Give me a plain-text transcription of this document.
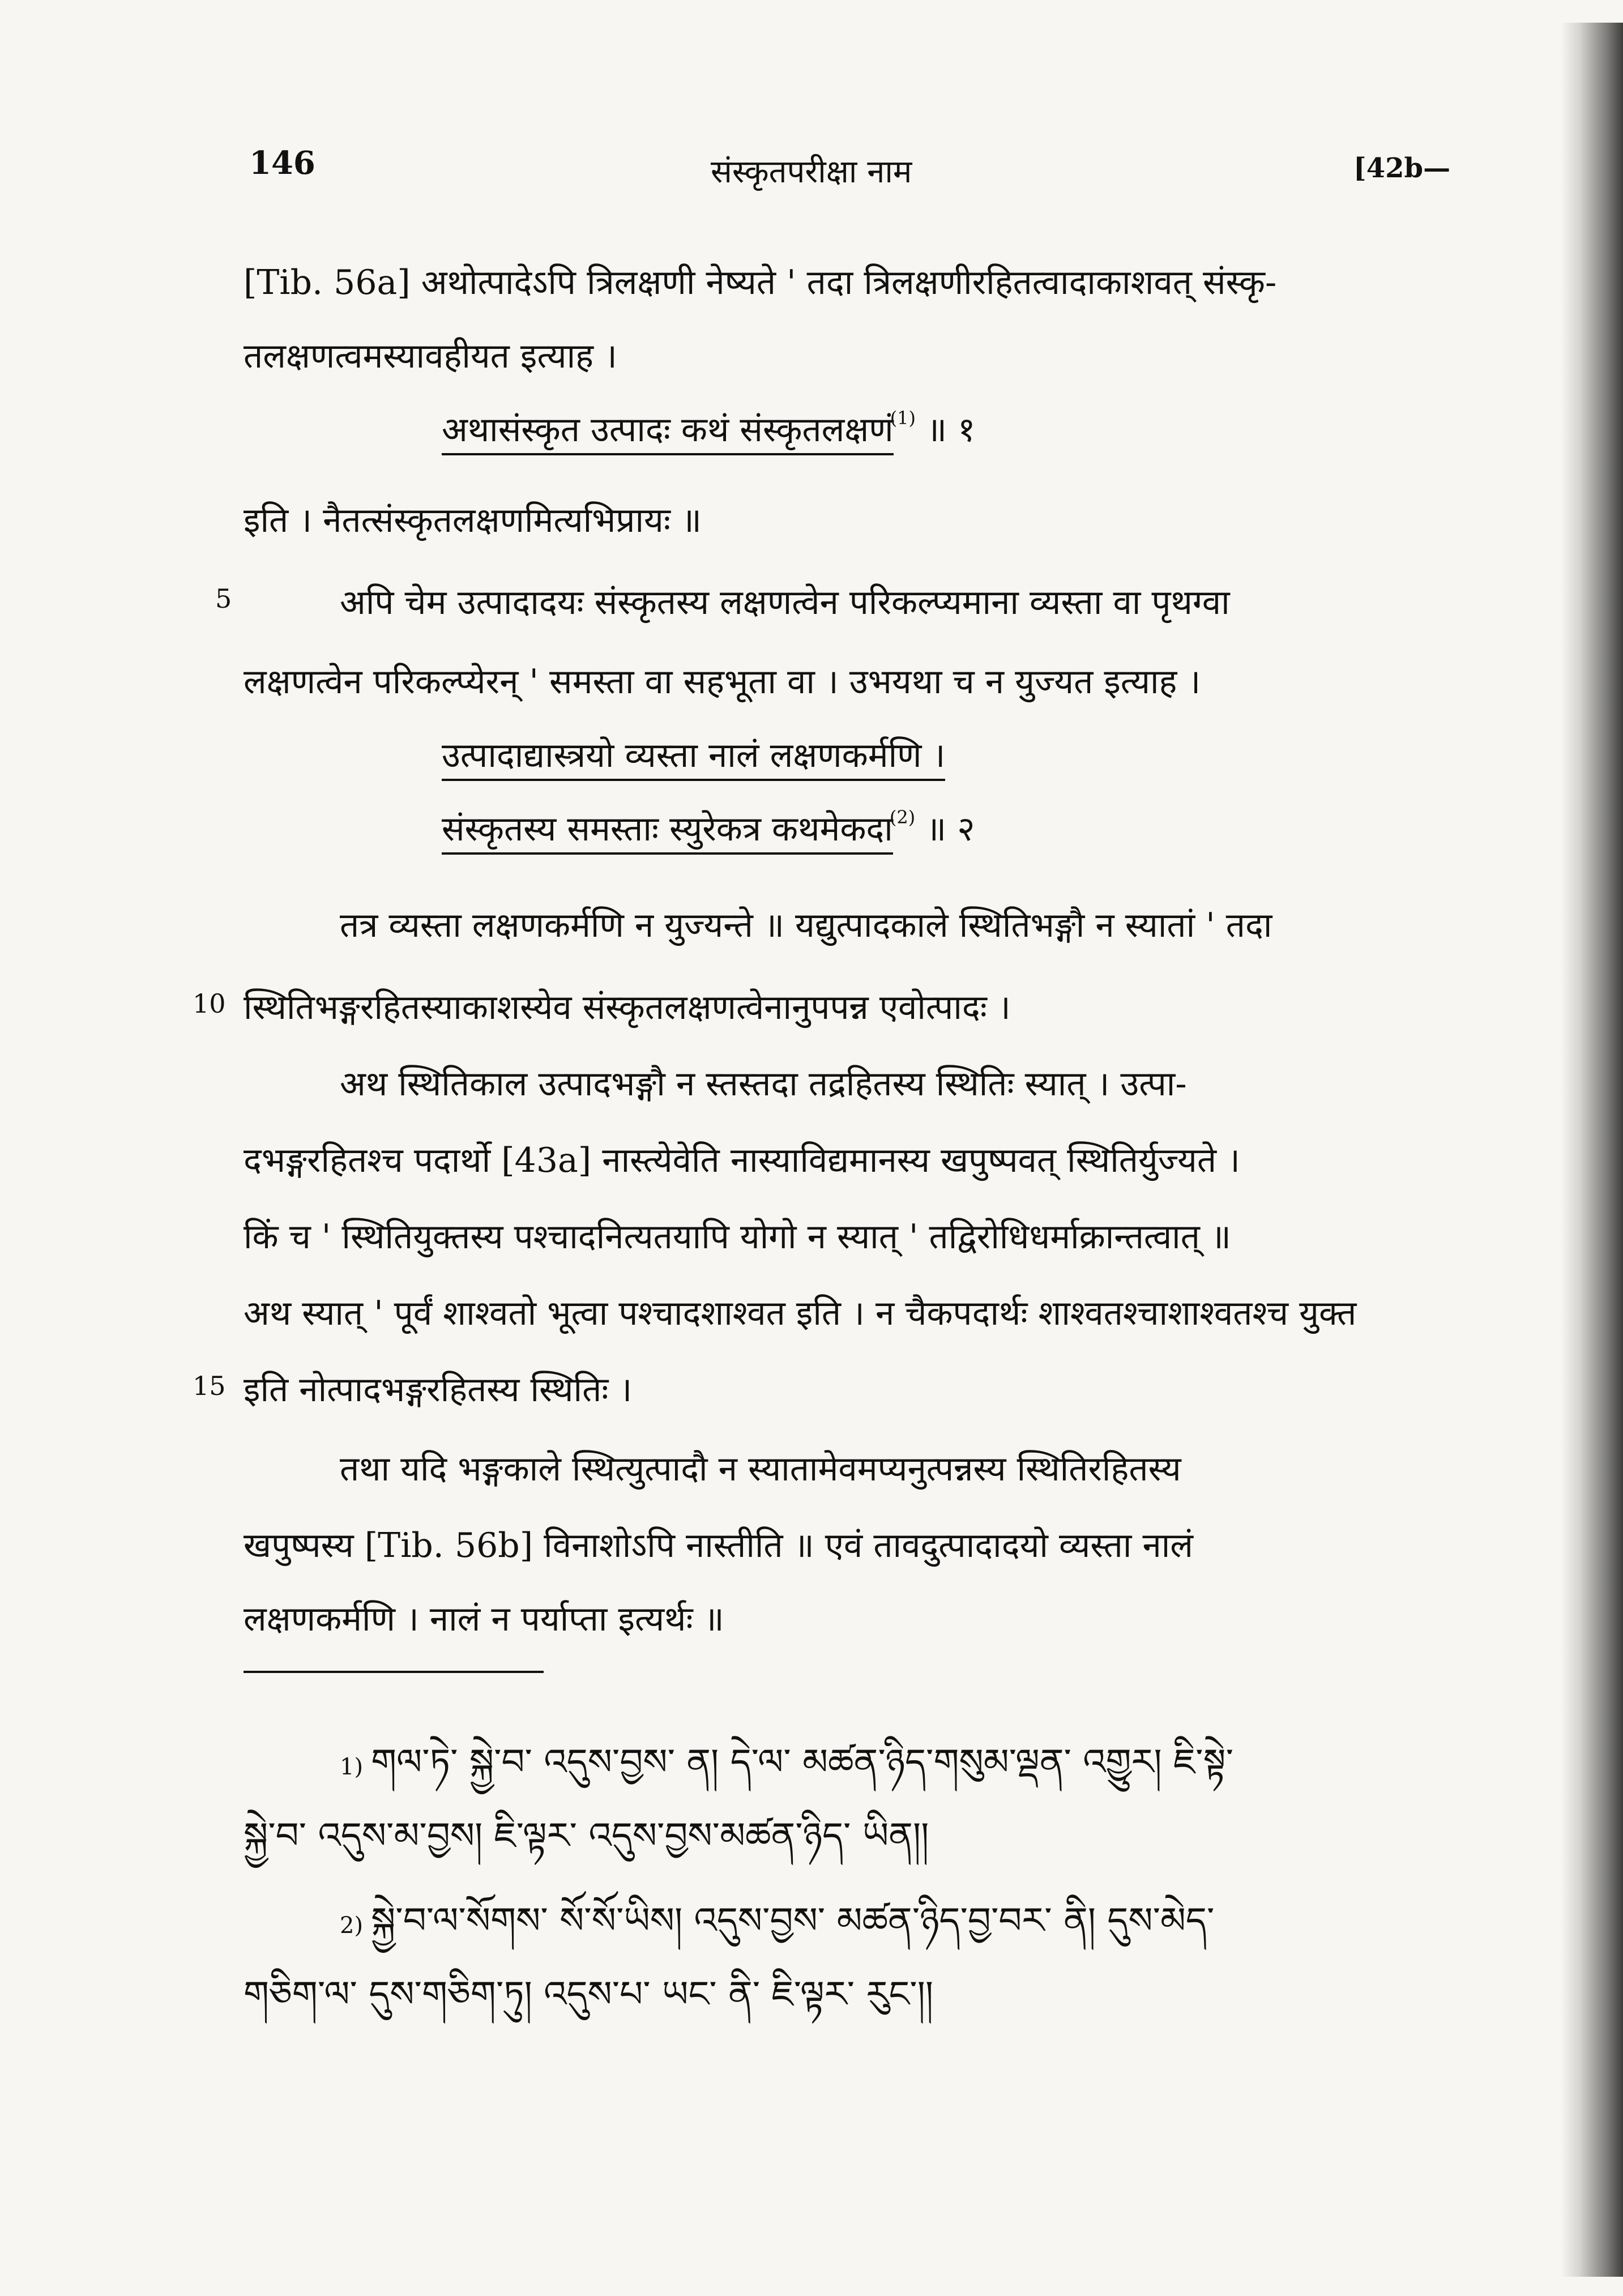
146	संस्कृतपरीक्षा नाम	[42b—
[Tib. 56a] अथोत्पादेऽपि त्रिलक्षणी नेष्यते ' तदा त्रिलक्षणीरहितत्वादाकाशवत् संस्कृ-
तलक्षणत्वमस्यावहीयत इत्याह ।
अथासंस्कृत उत्पादः कथं संस्कृतलक्षणं$^{(1)}$ ॥ १
इति । नैतत्संस्कृतलक्षणमित्यभिप्रायः ॥
5	अपि चेम उत्पादादयः संस्कृतस्य लक्षणत्वेन परिकल्प्यमाना व्यस्ता वा पृथग्वा
लक्षणत्वेन परिकल्प्येरन् ' समस्ता वा सहभूता वा । उभयथा च न युज्यत इत्याह ।
उत्पादाद्यास्त्रयो व्यस्ता नालं लक्षणकर्मणि ।
संस्कृतस्य समस्ताः स्युरेकत्र कथमेकदा$^{(2)}$ ॥ २
तत्र व्यस्ता लक्षणकर्मणि न युज्यन्ते ॥ यद्युत्पादकाले स्थितिभङ्गौ न स्यातां ' तदा
10 स्थितिभङ्गरहितस्याकाशस्येव संस्कृतलक्षणत्वेनानुपपन्न एवोत्पादः ।
अथ स्थितिकाल उत्पादभङ्गौ न स्तस्तदा तद्रहितस्य स्थितिः स्यात् । उत्पा-
दभङ्गरहितश्च पदार्थो [43a] नास्त्येवेति नास्याविद्यमानस्य खपुष्पवत् स्थितिर्युज्यते ।
किं च ' स्थितियुक्तस्य पश्चादनित्यतयापि योगो न स्यात् ' तद्विरोधिधर्माक्रान्तत्वात् ॥
अथ स्यात् ' पूर्वं शाश्वतो भूत्वा पश्चादशाश्वत इति । न चैकपदार्थः शाश्वतश्चाशाश्वतश्च युक्त
15 इति नोत्पादभङ्गरहितस्य स्थितिः ।
तथा यदि भङ्गकाले स्थित्युत्पादौ न स्यातामेवमप्यनुत्पन्नस्य स्थितिरहितस्य
खपुष्पस्य [Tib. 56b] विनाशोऽपि नास्तीति ॥ एवं तावदुत्पादादयो व्यस्ता नालं
लक्षणकर्मणि । नालं न पर्याप्ता इत्यर्थः ॥
1) གལ་ཏེ་ སྐྱེ་བ་ འདུས་བྱས་ ན། དེ་ལ་ མཚན་ཉིད་གསུམ་ལྡན་ འགྱུར། ཇི་སྟེ་
སྐྱེ་བ་ འདུས་མ་བྱས། ཇི་ལྟར་ འདུས་བྱས་མཚན་ཉིད་ ཡིན།།
2) སྐྱེ་བ་ལ་སོགས་ སོ་སོ་ཡིས། འདུས་བྱས་ མཚན་ཉིད་བྱ་བར་ ནི། དུས་མེད་
གཅིག་ལ་ དུས་གཅིག་ཏུ། འདུས་པ་ ཡང་ ནི་ ཇི་ལྟར་ རུང་།།
